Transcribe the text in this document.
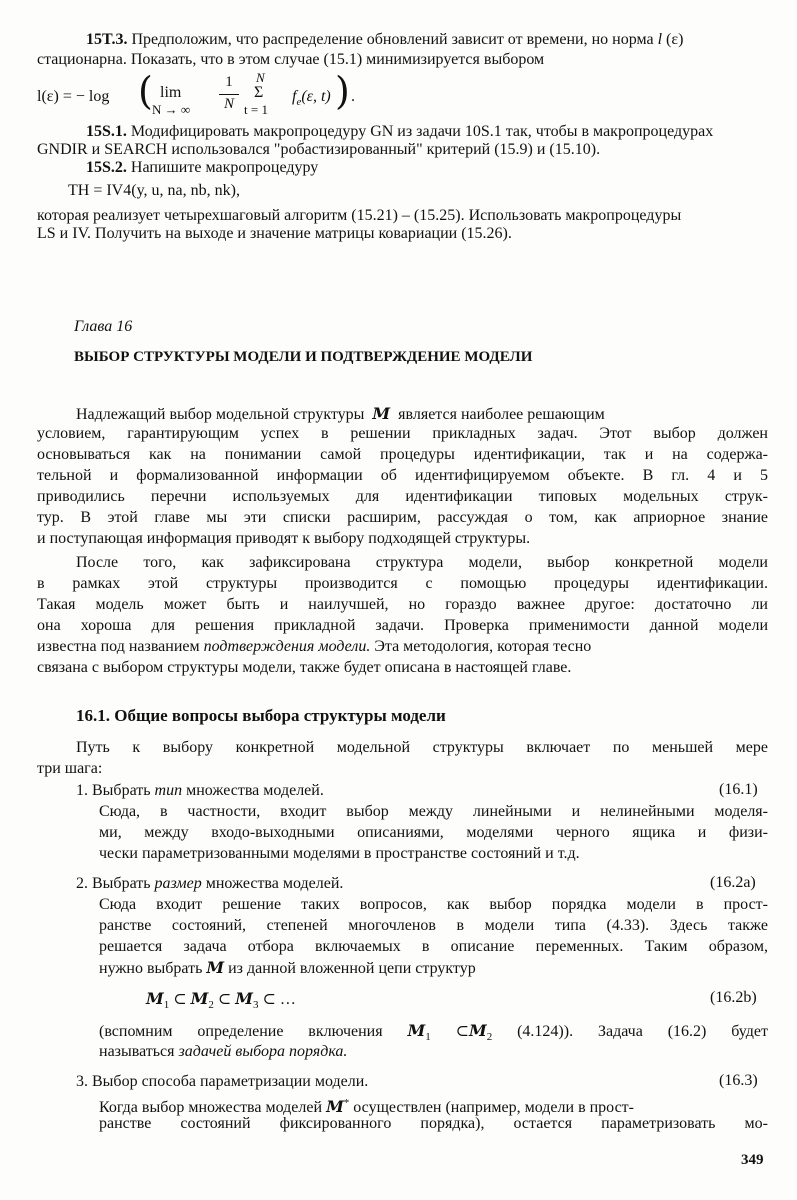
15T.3. Предположим, что распределение обновлений зависит от времени, но норма l (ε)
стационарна. Показать, что в этом случае (15.1) минимизируется выбором
l(ε) = − log ( lim
N → ∞
1
N
N
Σ
t = 1
$f_e(\varepsilon$, t) ) .
15S.1. Модифицировать макропроцедуру GN из задачи 10S.1 так, чтобы в макропроцедурах
GNDIR и SEARCH использовался "робастизированный" критерий (15.9) и (15.10).
15S.2. Напишите макропроцедуру
TH = IV4(y, u, na, nb, nk),
которая реализует четырехшаговый алгоритм (15.21) – (15.25). Использовать макропроцедуры
LS и IV. Получить на выходе и значение матрицы ковариации (15.26).
Глава 16
ВЫБОР СТРУКТУРЫ МОДЕЛИ И ПОДТВЕРЖДЕНИЕ МОДЕЛИ
Надлежащий выбор модельной структуры M является наиболее решающим
условием, гарантирующим успех в решении прикладных задач. Этот выбор должен
основываться как на понимании самой процедуры идентификации, так и на содержа-
тельной и формализованной информации об идентифицируемом объекте. В гл. 4 и 5
приводились перечни используемых для идентификации типовых модельных струк-
тур. В этой главе мы эти списки расширим, рассуждая о том, как априорное знание
и поступающая информация приводят к выбору подходящей структуры.
После того, как зафиксирована структура модели, выбор конкретной модели
в рамках этой структуры производится с помощью процедуры идентификации.
Такая модель может быть и наилучшей, но гораздо важнее другое: достаточно ли
она хороша для решения прикладной задачи. Проверка применимости данной модели
известна под названием подтверждения модели. Эта методология, которая тесно
связана с выбором структуры модели, также будет описана в настоящей главе.
16.1. Общие вопросы выбора структуры модели
Путь к выбору конкретной модельной структуры включает по меньшей мере
три шага:
1. Выбрать тип множества моделей.	(16.1)
Сюда, в частности, входит выбор между линейными и нелинейными моделя-
ми, между входо-выходными описаниями, моделями черного ящика и физи-
чески параметризованными моделями в пространстве состояний и т.д.
2. Выбрать размер множества моделей.	(16.2a)
Сюда входит решение таких вопросов, как выбор порядка модели в прост-
ранстве состояний, степеней многочленов в модели типа (4.33). Здесь также
решается задача отбора включаемых в описание переменных. Таким образом,
нужно выбрать M из данной вложенной цепи структур
$M_1$ ⊂ $M_2$ ⊂ $M_3$ ⊂ …	(16.2b)
(вспомним определение включения $M_1$ $\subset M_2$ (4.124)). Задача (16.2) будет
называться задачей выбора порядка.
3. Выбор способа параметризации модели.	(16.3)
Когда выбор множества моделей M* осуществлен (например, модели в прост-
ранстве состояний фиксированного порядка), остается параметризовать мо-
349
